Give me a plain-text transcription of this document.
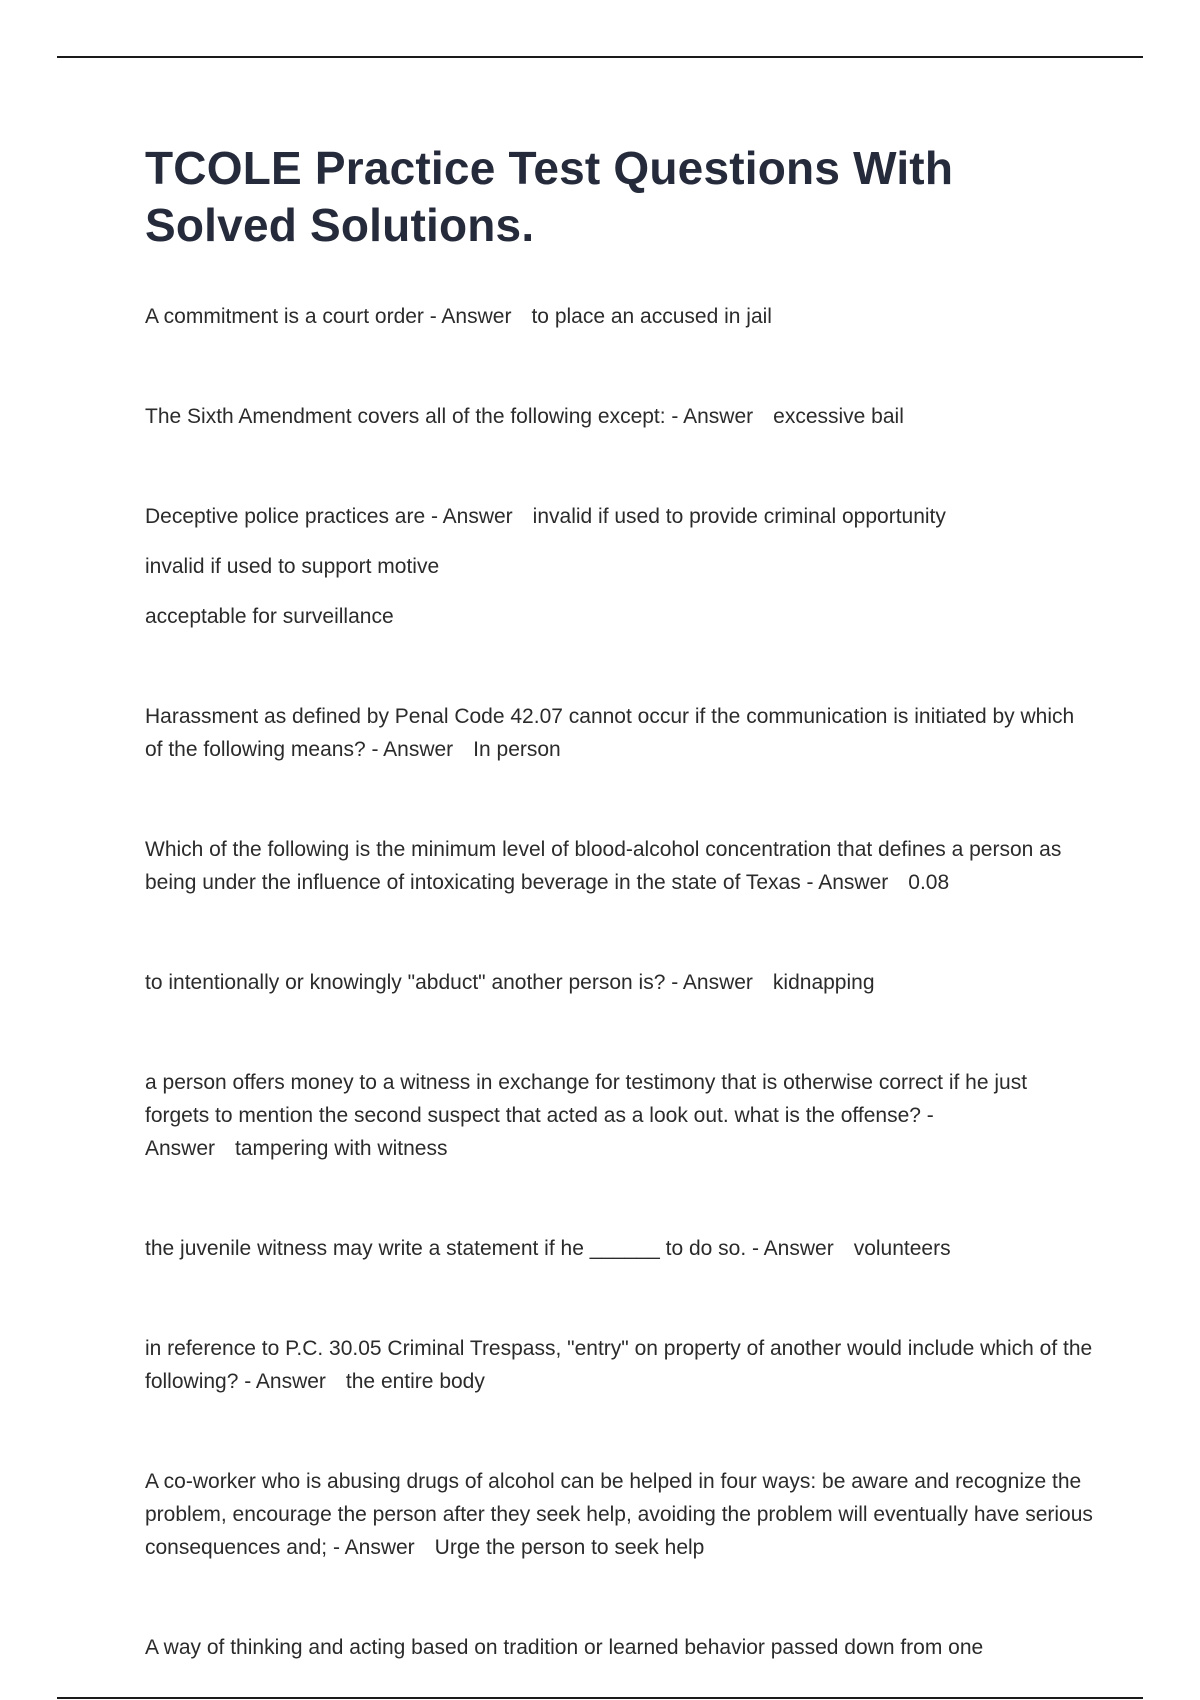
TCOLE Practice Test Questions With Solved Solutions.
A commitment is a court order - Answer to place an accused in jail
The Sixth Amendment covers all of the following except: - Answer excessive bail
Deceptive police practices are - Answer invalid if used to provide criminal opportunity
invalid if used to support motive
acceptable for surveillance
Harassment as defined by Penal Code 42.07 cannot occur if the communication is initiated by which of the following means? - Answer In person
Which of the following is the minimum level of blood-alcohol concentration that defines a person as being under the influence of intoxicating beverage in the state of Texas - Answer 0.08
to intentionally or knowingly "abduct" another person is? - Answer kidnapping
a person offers money to a witness in exchange for testimony that is otherwise correct if he just forgets to mention the second suspect that acted as a look out. what is the offense? - Answer tampering with witness
the juvenile witness may write a statement if he ______ to do so. - Answer volunteers
in reference to P.C. 30.05 Criminal Trespass, "entry" on property of another would include which of the following? - Answer the entire body
A co-worker who is abusing drugs of alcohol can be helped in four ways: be aware and recognize the problem, encourage the person after they seek help, avoiding the problem will eventually have serious consequences and; - Answer Urge the person to seek help
A way of thinking and acting based on tradition or learned behavior passed down from one
